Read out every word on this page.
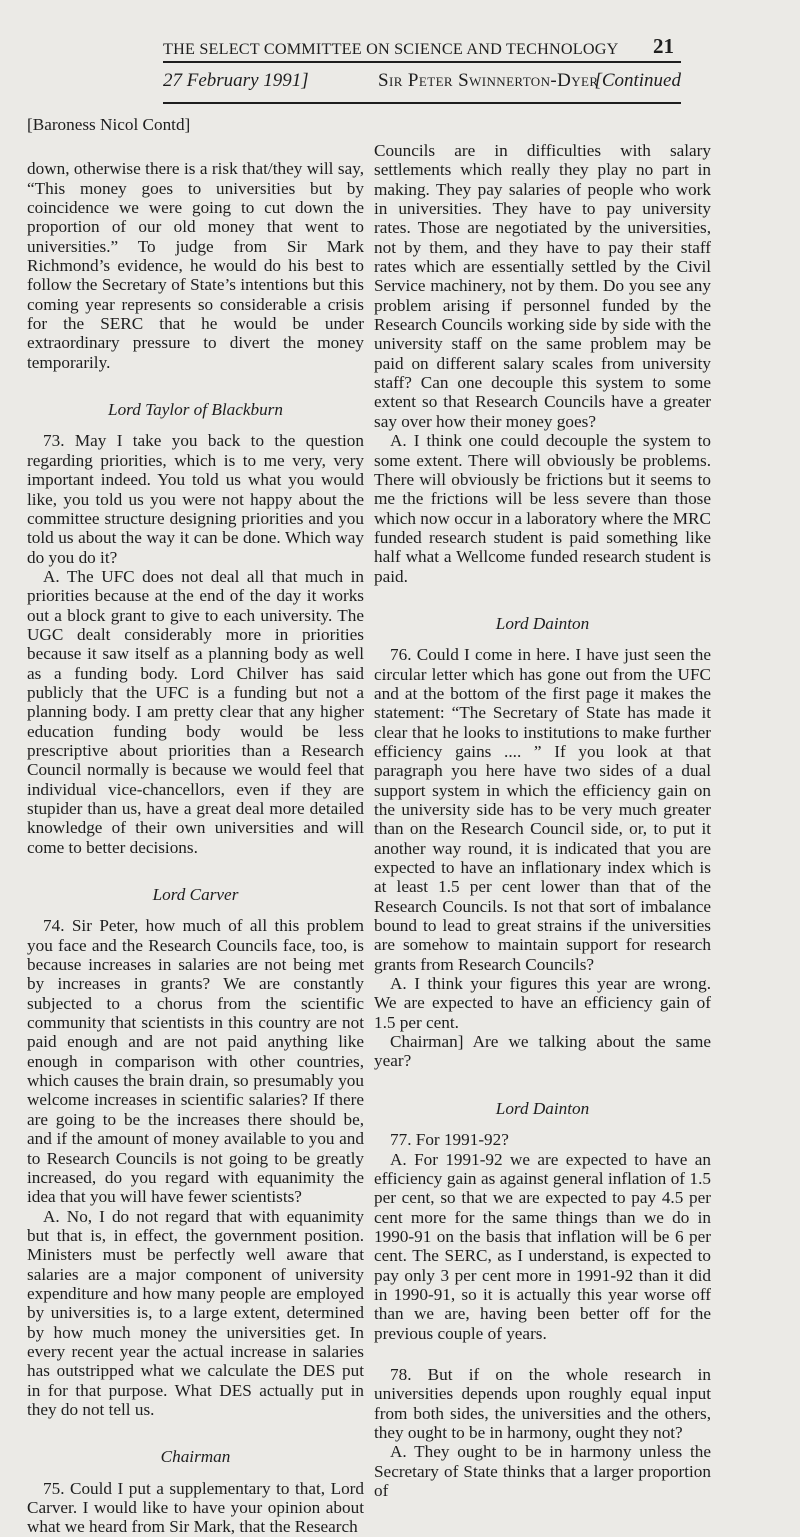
THE SELECT COMMITTEE ON SCIENCE AND TECHNOLOGY	21
27 February 1991]	Sir Peter Swinnerton-Dyer
[Continued
[Baroness Nicol Contd]

down, otherwise there is a risk that/they will say, “This money goes to universities but by coincidence we were going to cut down the proportion of our old money that went to universities.” To judge from Sir Mark Richmond’s evidence, he would do his best to follow the Secretary of State’s intentions but this coming year represents so considerable a crisis for the SERC that he would be under extraordinary pressure to divert the money temporarily.

Lord Taylor of Blackburn

73. May I take you back to the question regarding priorities, which is to me very, very important indeed. You told us what you would like, you told us you were not happy about the committee structure designing priorities and you told us about the way it can be done. Which way do you do it?

A. The UFC does not deal all that much in priorities because at the end of the day it works out a block grant to give to each university. The UGC dealt considerably more in priorities because it saw itself as a planning body as well as a funding body. Lord Chilver has said publicly that the UFC is a funding but not a planning body. I am pretty clear that any higher education funding body would be less prescriptive about priorities than a Research Council normally is because we would feel that individual vice-chancellors, even if they are stupider than us, have a great deal more detailed knowledge of their own universities and will come to better decisions.

Lord Carver

74. Sir Peter, how much of all this problem you face and the Research Councils face, too, is because increases in salaries are not being met by increases in grants? We are constantly subjected to a chorus from the scientific community that scientists in this country are not paid enough and are not paid anything like enough in comparison with other countries, which causes the brain drain, so presumably you welcome increases in scientific salaries? If there are going to be the increases there should be, and if the amount of money available to you and to Research Councils is not going to be greatly increased, do you regard with equanimity the idea that you will have fewer scientists?

A. No, I do not regard that with equanimity but that is, in effect, the government position. Ministers must be perfectly well aware that salaries are a major component of university expenditure and how many people are employed by universities is, to a large extent, determined by how much money the universities get. In every recent year the actual increase in salaries has outstripped what we calculate the DES put in for that purpose. What DES actually put in they do not tell us.

Chairman

75. Could I put a supplementary to that, Lord Carver. I would like to have your opinion about what we heard from Sir Mark, that the Research

Councils are in difficulties with salary settlements which really they play no part in making. They pay salaries of people who work in universities. They have to pay university rates. Those are negotiated by the universities, not by them, and they have to pay their staff rates which are essentially settled by the Civil Service machinery, not by them. Do you see any problem arising if personnel funded by the Research Councils working side by side with the university staff on the same problem may be paid on different salary scales from university staff? Can one decouple this system to some extent so that Research Councils have a greater say over how their money goes?

A. I think one could decouple the system to some extent. There will obviously be problems. There will obviously be frictions but it seems to me the frictions will be less severe than those which now occur in a laboratory where the MRC funded research student is paid something like half what a Wellcome funded research student is paid.

Lord Dainton

76. Could I come in here. I have just seen the circular letter which has gone out from the UFC and at the bottom of the first page it makes the statement: “The Secretary of State has made it clear that he looks to institutions to make further efficiency gains .... ” If you look at that paragraph you here have two sides of a dual support system in which the efficiency gain on the university side has to be very much greater than on the Research Council side, or, to put it another way round, it is indicated that you are expected to have an inflationary index which is at least 1.5 per cent lower than that of the Research Councils. Is not that sort of imbalance bound to lead to great strains if the universities are somehow to maintain support for research grants from Research Councils?

A. I think your figures this year are wrong. We are expected to have an efficiency gain of 1.5 per cent.

Chairman] Are we talking about the same year?

Lord Dainton

77. For 1991-92?

A. For 1991-92 we are expected to have an efficiency gain as against general inflation of 1.5 per cent, so that we are expected to pay 4.5 per cent more for the same things than we do in 1990-91 on the basis that inflation will be 6 per cent. The SERC, as I understand, is expected to pay only 3 per cent more in 1991-92 than it did in 1990-91, so it is actually this year worse off than we are, having been better off for the previous couple of years.

78. But if on the whole research in universities depends upon roughly equal input from both sides, the universities and the others, they ought to be in harmony, ought they not?

A. They ought to be in harmony unless the Secretary of State thinks that a larger proportion of
